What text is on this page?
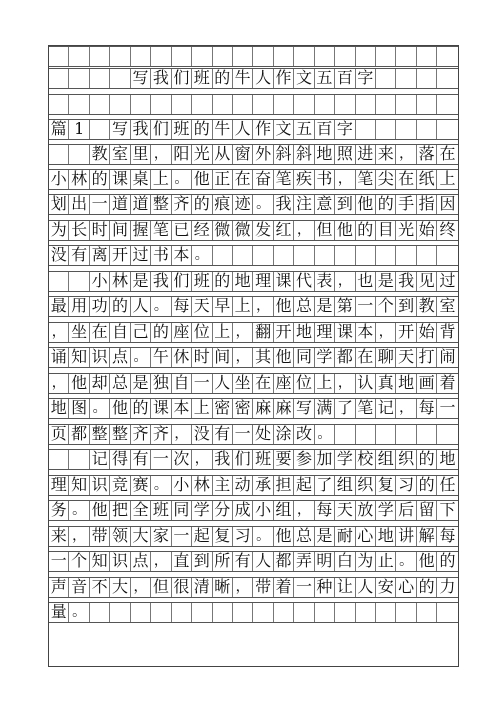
写 我 们 班 的 牛 人 作 文 五 百 字
篇 1	写 我 们 班 的 牛 人 作 文 五 百 字
教 室 里 ， 阳 光 从 窗 外 斜 斜 地 照 进 来 ， 落 在
小 林 的 课 桌 上 。 他 正 在 奋 笔 疾 书 ， 笔 尖 在 纸 上
划 出 一 道 道 整 齐 的 痕 迹 。 我 注 意 到 他 的 手 指 因
为 长 时 间 握 笔 已 经 微 微 发 红 ， 但 他 的 目 光 始 终
没 有 离 开 过 书 本 。
小 林 是 我 们 班 的 地 理 课 代 表 ， 也 是 我 见 过
最 用 功 的 人 。 每 天 早 上 ， 他 总 是 第 一 个 到 教 室
， 坐 在 自 己 的 座 位 上 ， 翻 开 地 理 课 本 ， 开 始 背
诵 知 识 点 。 午 休 时 间 ， 其 他 同 学 都 在 聊 天 打 闹
， 他 却 总 是 独 自 一 人 坐 在 座 位 上 ， 认 真 地 画 着
地 图 。 他 的 课 本 上 密 密 麻 麻 写 满 了 笔 记 ， 每 一
页 都 整 整 齐 齐 ， 没 有 一 处 涂 改 。
记 得 有 一 次 ， 我 们 班 要 参 加 学 校 组 织 的 地
理 知 识 竞 赛 。 小 林 主 动 承 担 起 了 组 织 复 习 的 任
务 。 他 把 全 班 同 学 分 成 小 组 ， 每 天 放 学 后 留 下
来 ， 带 领 大 家 一 起 复 习 。 他 总 是 耐 心 地 讲 解 每
一 个 知 识 点 ， 直 到 所 有 人 都 弄 明 白 为 止 。 他 的
声 音 不 大 ， 但 很 清 晰 ， 带 着 一 种 让 人 安 心 的 力
量 。
